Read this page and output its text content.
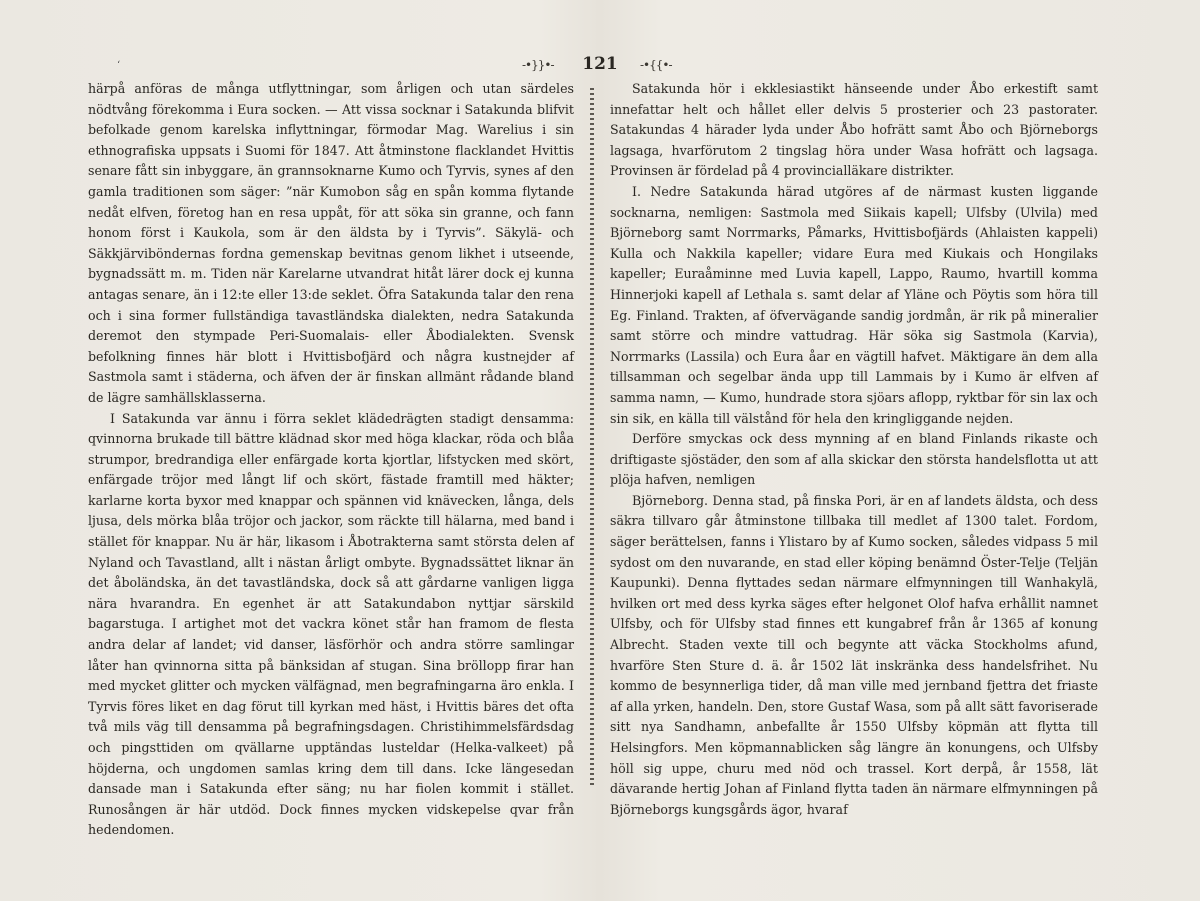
ʻ	-•}}•- 121 -•{{•-

härpå anföras de många utflyttningar, som årligen och utan särdeles nödtvång förekomma i Eura socken. — Att vissa socknar i Satakunda blifvit befolkade genom karelska inflyttningar, förmodar Mag. Warelius i sin ethnografiska uppsats i Suomi för 1847. Att åtminstone flacklandet Hvittis senare fått sin inbyggare, än grannsoknarne Kumo och Tyrvis, synes af den gamla traditionen som säger: ”när Kumobon såg en spån komma flytande nedåt elfven, företog han en resa uppåt, för att söka sin granne, och fann honom först i Kaukola, som är den äldsta by i Tyrvis”. Säkylä- och Säkkjärviböndernas fordna gemenskap bevitnas genom likhet i utseende, bygnadssätt m. m. Tiden när Karelarne utvandrat hitåt lärer dock ej kunna antagas senare, än i 12:te eller 13:de seklet. Öfra Satakunda talar den rena och i sina former fullständiga tavastländska dialekten, nedra Satakunda deremot den stympade Peri-Suomalais- eller Åbodialekten. Svensk befolkning finnes här blott i Hvittisbofjärd och några kustnejder af Sastmola samt i städerna, och äfven der är finskan allmänt rådande bland de lägre samhällsklasserna.

I Satakunda var ännu i förra seklet klädedrägten stadigt densamma: qvinnorna brukade till bättre klädnad skor med höga klackar, röda och blåa strumpor, bredrandiga eller enfärgade korta kjortlar, lifstycken med skört, enfärgade tröjor med långt lif och skört, fästade framtill med häkter; karlarne korta byxor med knappar och spännen vid knävecken, långa, dels ljusa, dels mörka blåa tröjor och jackor, som räckte till hälarna, med band i stället för knappar. Nu är här, likasom i Åbotrakterna samt största delen af Nyland och Tavastland, allt i nästan årligt ombyte. Bygnadssättet liknar än det åboländska, än det tavastländska, dock så att gårdarne vanligen ligga nära hvarandra. En egenhet är att Satakundabon nyttjar särskild bagarstuga. I artighet mot det vackra könet står han framom de flesta andra delar af landet; vid danser, läsförhör och andra större samlingar låter han qvinnorna sitta på bänksidan af stugan. Sina bröllopp firar han med mycket glitter och mycken välfägnad, men begrafningarna äro enkla. I Tyrvis föres liket en dag förut till kyrkan med häst, i Hvittis bäres det ofta två mils väg till densamma på begrafningsdagen. Christihimmelsfärdsdag och pingsttiden om qvällarne upptändas lusteldar (Helka-valkeet) på höjderna, och ungdomen samlas kring dem till dans. Icke längesedan dansade man i Satakunda efter säng; nu har fiolen kommit i stället. Runosången är här utdöd. Dock finnes mycken vidskepelse qvar från hedendomen.

Satakunda hör i ekklesiastikt hänseende under Åbo erkestift samt innefattar helt och hållet eller delvis 5 prosterier och 23 pastorater. Satakundas 4 härader lyda under Åbo hofrätt samt Åbo och Björneborgs lagsaga, hvarförutom 2 tingslag höra under Wasa hofrätt och lagsaga. Provinsen är fördelad på 4 provincialläkare distrikter.

I. Nedre Satakunda härad utgöres af de närmast kusten liggande socknarna, nemligen: Sastmola med Siikais kapell; Ulfsby (Ulvila) med Björneborg samt Norrmarks, Påmarks, Hvittisbofjärds (Ahlaisten kappeli) Kulla och Nakkila kapeller; vidare Eura med Kiukais och Hongilaks kapeller; Euraåminne med Luvia kapell, Lappo, Raumo, hvartill komma Hinnerjoki kapell af Lethala s. samt delar af Yläne och Pöytis som höra till Eg. Finland. Trakten, af öfvervägande sandig jordmån, är rik på mineralier samt större och mindre vattudrag. Här söka sig Sastmola (Karvia), Norrmarks (Lassila) och Eura åar en vägtill hafvet. Mäktigare än dem alla tillsamman och segelbar ända upp till Lammais by i Kumo är elfven af samma namn, — Kumo, hundrade stora sjöars aflopp, ryktbar för sin lax och sin sik, en källa till välstånd för hela den kringliggande nejden.

Derföre smyckas ock dess mynning af en bland Finlands rikaste och driftigaste sjöstäder, den som af alla skickar den största handelsflotta ut att plöja hafven, nemligen

Björneborg. Denna stad, på finska Pori, är en af landets äldsta, och dess säkra tillvaro går åtminstone tillbaka till medlet af 1300 talet. Fordom, säger berättelsen, fanns i Ylistaro by af Kumo socken, således vidpass 5 mil sydost om den nuvarande, en stad eller köping benämnd Öster-Telje (Teljän Kaupunki). Denna flyttades sedan närmare elfmynningen till Wanhakylä, hvilken ort med dess kyrka säges efter helgonet Olof hafva erhållit namnet Ulfsby, och för Ulfsby stad finnes ett kungabref från år 1365 af konung Albrecht. Staden vexte till och begynte att väcka Stockholms afund, hvarföre Sten Sture d. ä. år 1502 lät inskränka dess handelsfrihet. Nu kommo de besynnerliga tider, då man ville med jernband fjettra det friaste af alla yrken, handeln. Den, store Gustaf Wasa, som på allt sätt favoriserade sitt nya Sandhamn, anbefallte år 1550 Ulfsby köpmän att flytta till Helsingfors. Men köpmannablicken såg längre än konungens, och Ulfsby höll sig uppe, churu med nöd och trassel. Kort derpå, år 1558, lät dävarande hertig Johan af Finland flytta taden än närmare elfmynningen på Björneborgs kungsgårds ägor, hvaraf
